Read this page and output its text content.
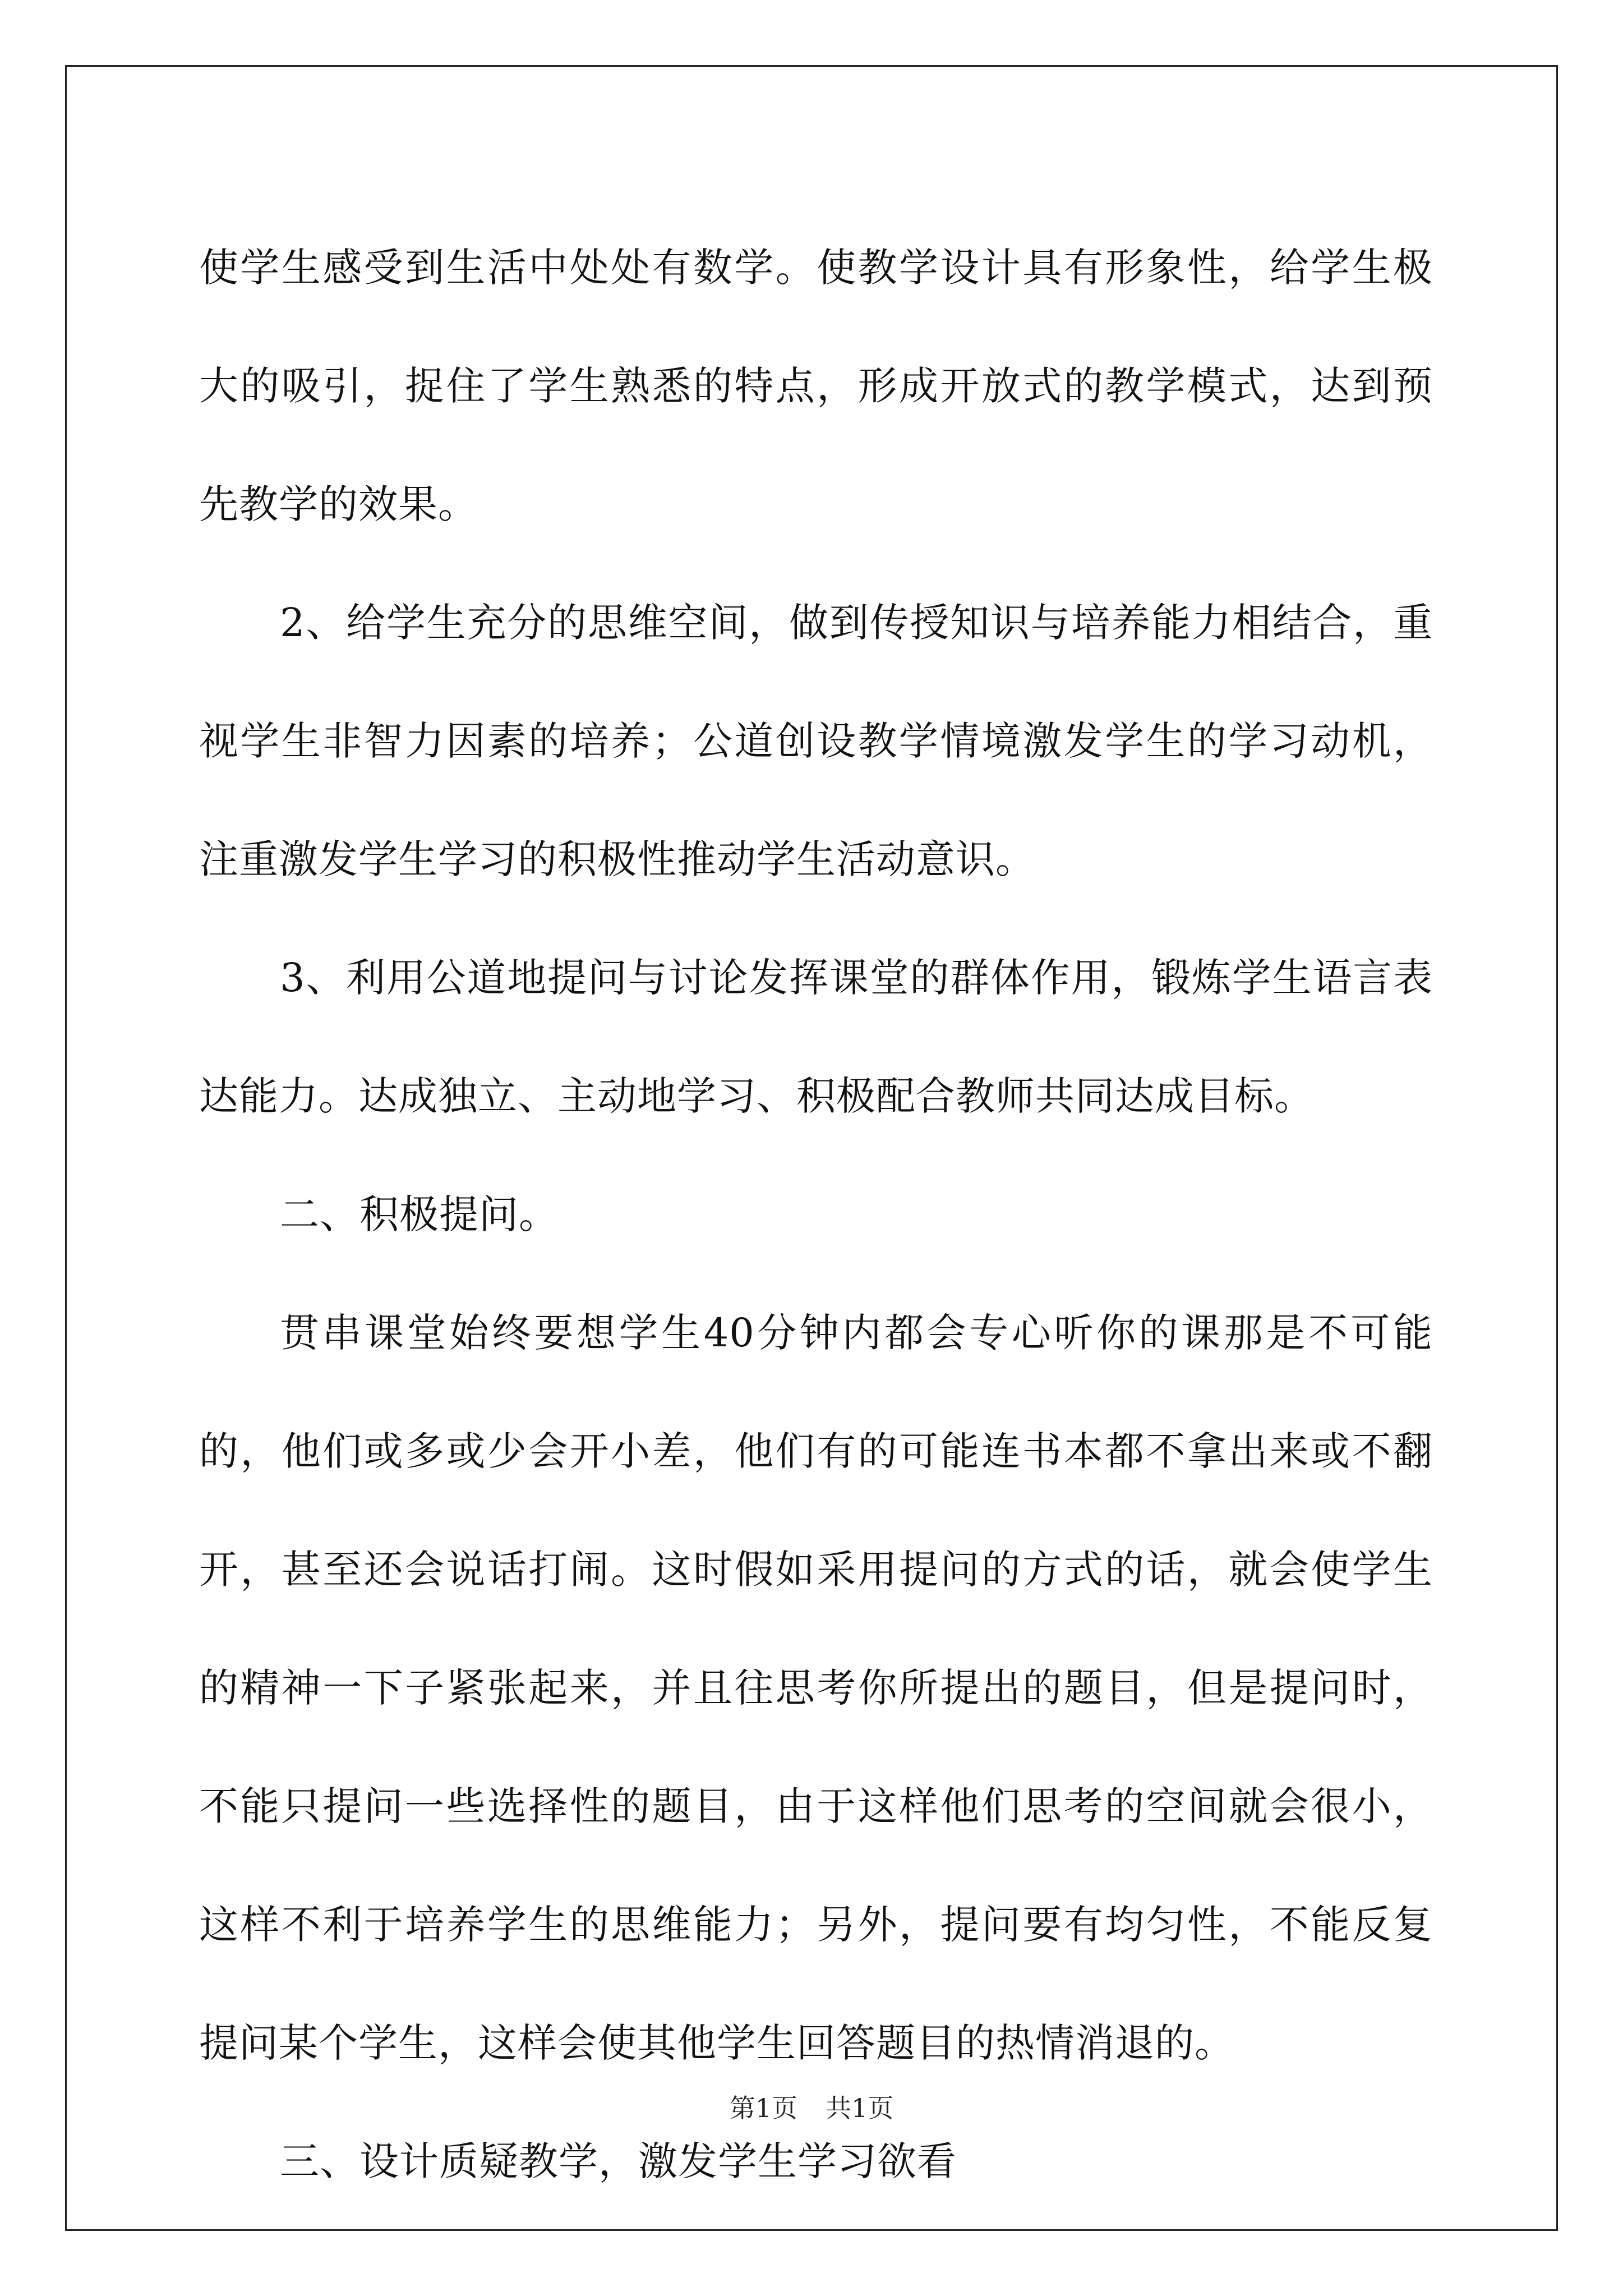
使学生感受到生活中处处有数学。使教学设计具有形象性，给学生极大的吸引，捉住了学生熟悉的特点，形成开放式的教学模式，达到预先教学的效果。

2、给学生充分的思维空间，做到传授知识与培养能力相结合，重视学生非智力因素的培养；公道创设教学情境激发学生的学习动机，注重激发学生学习的积极性推动学生活动意识。

3、利用公道地提问与讨论发挥课堂的群体作用，锻炼学生语言表达能力。达成独立、主动地学习、积极配合教师共同达成目标。

二、积极提问。

贯串课堂始终要想学生40分钟内都会专心听你的课那是不可能的，他们或多或少会开小差，他们有的可能连书本都不拿出来或不翻开，甚至还会说话打闹。这时假如采用提问的方式的话，就会使学生的精神一下子紧张起来，并且往思考你所提出的题目，但是提问时，不能只提问一些选择性的题目，由于这样他们思考的空间就会很小，这样不利于培养学生的思维能力；另外，提问要有均匀性，不能反复提问某个学生，这样会使其他学生回答题目的热情消退的。

三、设计质疑教学，激发学生学习欲看

第1页 共1页
